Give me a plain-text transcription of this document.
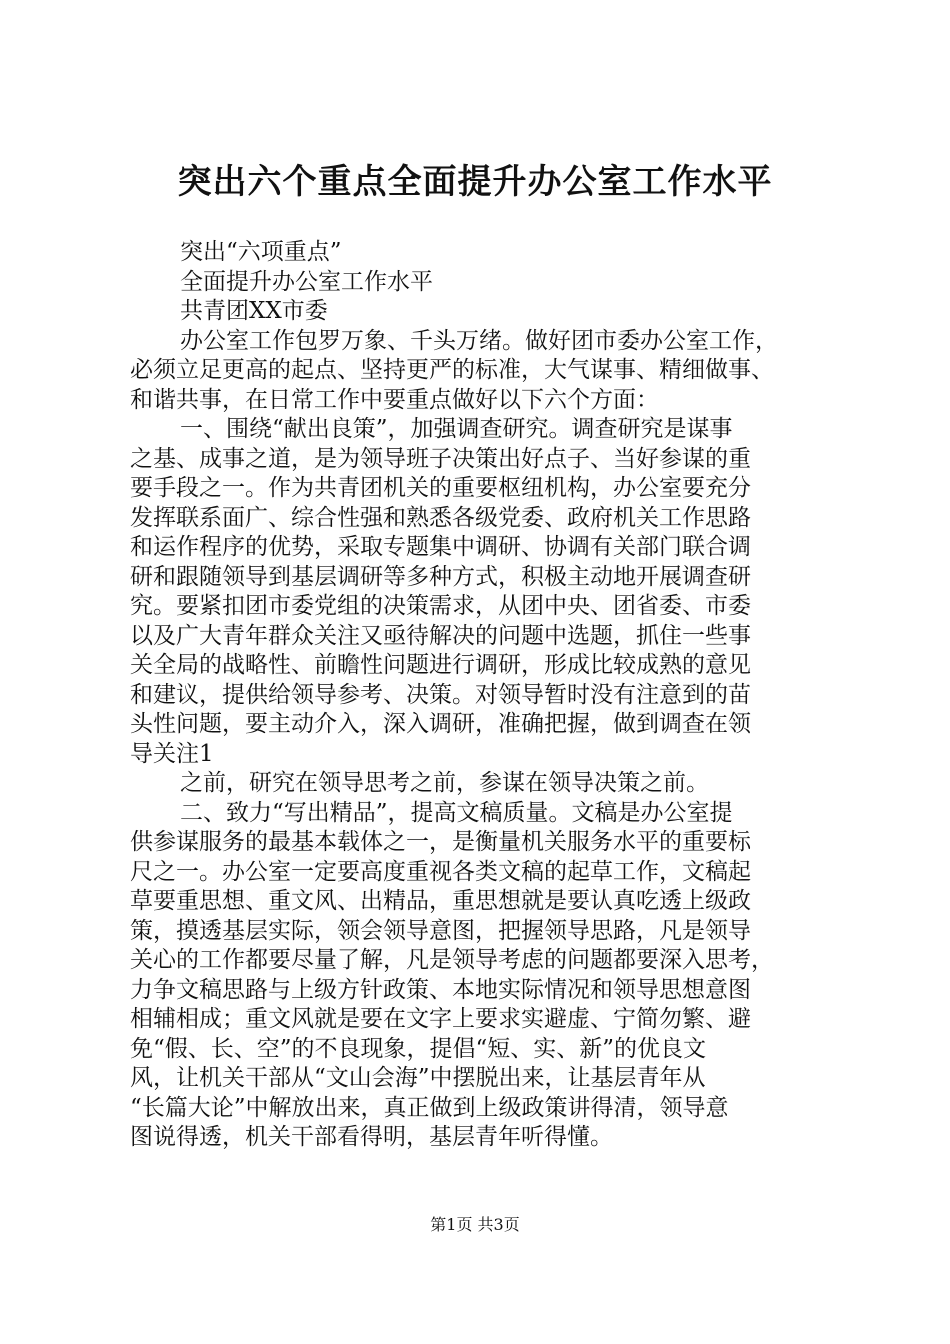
突出六个重点全面提升办公室工作水平
突出“六项重点”
全面提升办公室工作水平
共青团XX市委
办公室工作包罗万象、千头万绪。做好团市委办公室工作，
必须立足更高的起点、坚持更严的标准，大气谋事、精细做事、
和谐共事，在日常工作中要重点做好以下六个方面：
一、围绕“献出良策”，加强调查研究。调查研究是谋事
之基、成事之道，是为领导班子决策出好点子、当好参谋的重
要手段之一。作为共青团机关的重要枢纽机构，办公室要充分
发挥联系面广、综合性强和熟悉各级党委、政府机关工作思路
和运作程序的优势，采取专题集中调研、协调有关部门联合调
研和跟随领导到基层调研等多种方式，积极主动地开展调查研
究。要紧扣团市委党组的决策需求，从团中央、团省委、市委
以及广大青年群众关注又亟待解决的问题中选题，抓住一些事
关全局的战略性、前瞻性问题进行调研，形成比较成熟的意见
和建议，提供给领导参考、决策。对领导暂时没有注意到的苗
头性问题，要主动介入，深入调研，准确把握，做到调查在领
导关注1
之前，研究在领导思考之前，参谋在领导决策之前。
二、致力“写出精品”，提高文稿质量。文稿是办公室提
供参谋服务的最基本载体之一，是衡量机关服务水平的重要标
尺之一。办公室一定要高度重视各类文稿的起草工作，文稿起
草要重思想、重文风、出精品，重思想就是要认真吃透上级政
策，摸透基层实际，领会领导意图，把握领导思路，凡是领导
关心的工作都要尽量了解，凡是领导考虑的问题都要深入思考，
力争文稿思路与上级方针政策、本地实际情况和领导思想意图
相辅相成；重文风就是要在文字上要求实避虚、宁简勿繁、避
免“假、长、空”的不良现象，提倡“短、实、新”的优良文
风，让机关干部从“文山会海”中摆脱出来，让基层青年从
“长篇大论”中解放出来，真正做到上级政策讲得清，领导意
图说得透，机关干部看得明，基层青年听得懂。
第1页 共3页
